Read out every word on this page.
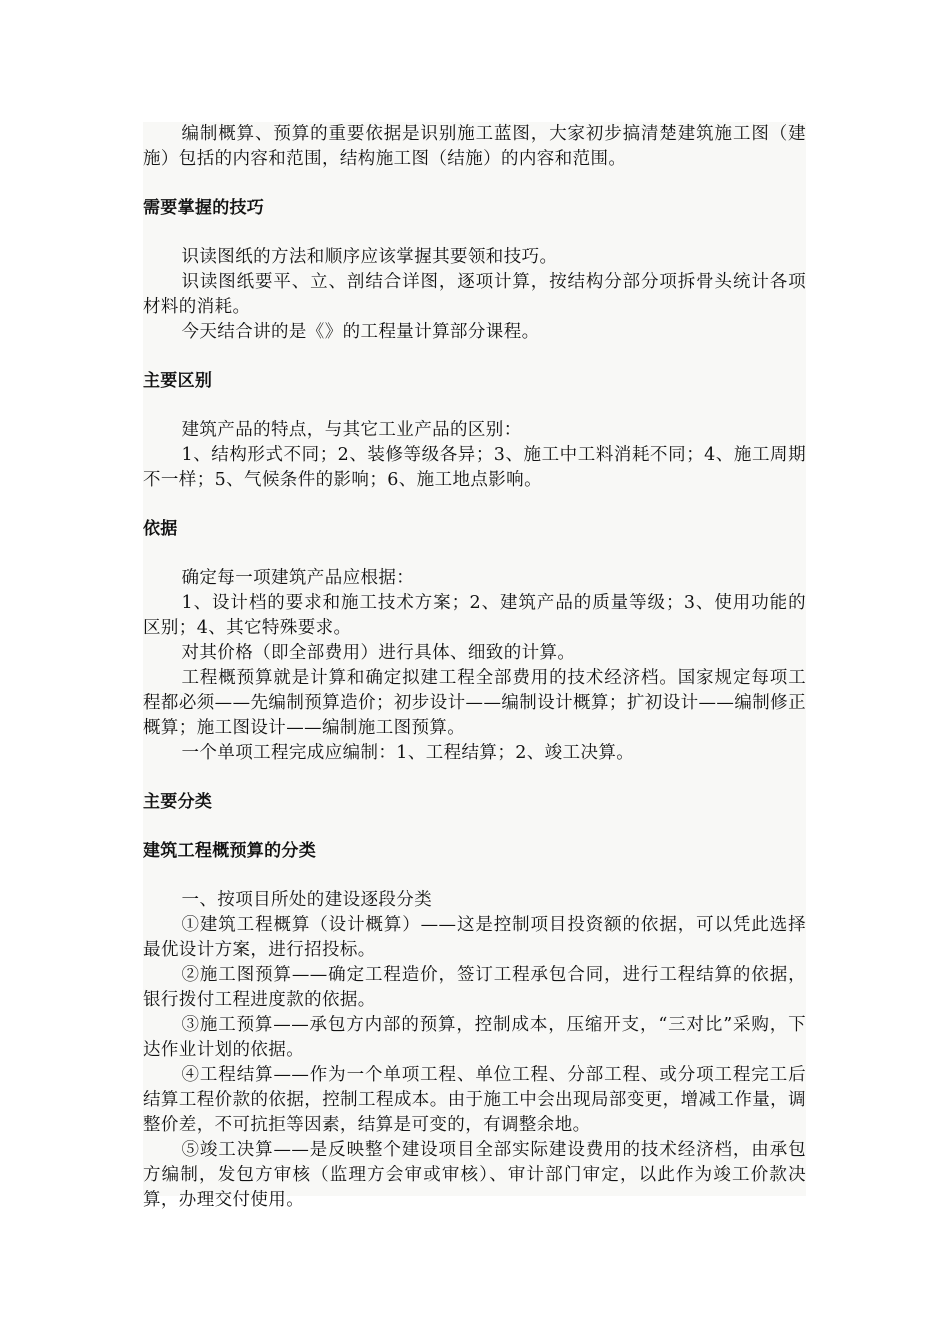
编制概算、预算的重要依据是识别施工蓝图，大家初步搞清楚建筑施工图（建施）包括的内容和范围，结构施工图（结施）的内容和范围。

需要掌握的技巧

识读图纸的方法和顺序应该掌握其要领和技巧。

识读图纸要平、立、剖结合详图，逐项计算，按结构分部分项拆骨头统计各项材料的消耗。

今天结合讲的是《》的工程量计算部分课程。

主要区别

建筑产品的特点，与其它工业产品的区别：

1、结构形式不同；2、装修等级各异；3、施工中工料消耗不同；4、施工周期不一样；5、气候条件的影响；6、施工地点影响。

依据

确定每一项建筑产品应根据：

1、设计档的要求和施工技术方案；2、建筑产品的质量等级；3、使用功能的区别；4、其它特殊要求。

对其价格（即全部费用）进行具体、细致的计算。

工程概预算就是计算和确定拟建工程全部费用的技术经济档。国家规定每项工程都必须——先编制预算造价；初步设计——编制设计概算；扩初设计——编制修正概算；施工图设计——编制施工图预算。

一个单项工程完成应编制：1、工程结算；2、竣工决算。

主要分类
建筑工程概预算的分类

一、按项目所处的建设逐段分类

①建筑工程概算（设计概算）——这是控制项目投资额的依据，可以凭此选择最优设计方案，进行招投标。

②施工图预算——确定工程造价，签订工程承包合同，进行工程结算的依据，银行拨付工程进度款的依据。

③施工预算——承包方内部的预算，控制成本，压缩开支，“三对比”采购，下达作业计划的依据。

④工程结算——作为一个单项工程、单位工程、分部工程、或分项工程完工后结算工程价款的依据，控制工程成本。由于施工中会出现局部变更，增减工作量，调整价差，不可抗拒等因素，结算是可变的，有调整余地。

⑤竣工决算——是反映整个建设项目全部实际建设费用的技术经济档，由承包方编制，发包方审核（监理方会审或审核）、审计部门审定，以此作为竣工价款决算，办理交付使用。
